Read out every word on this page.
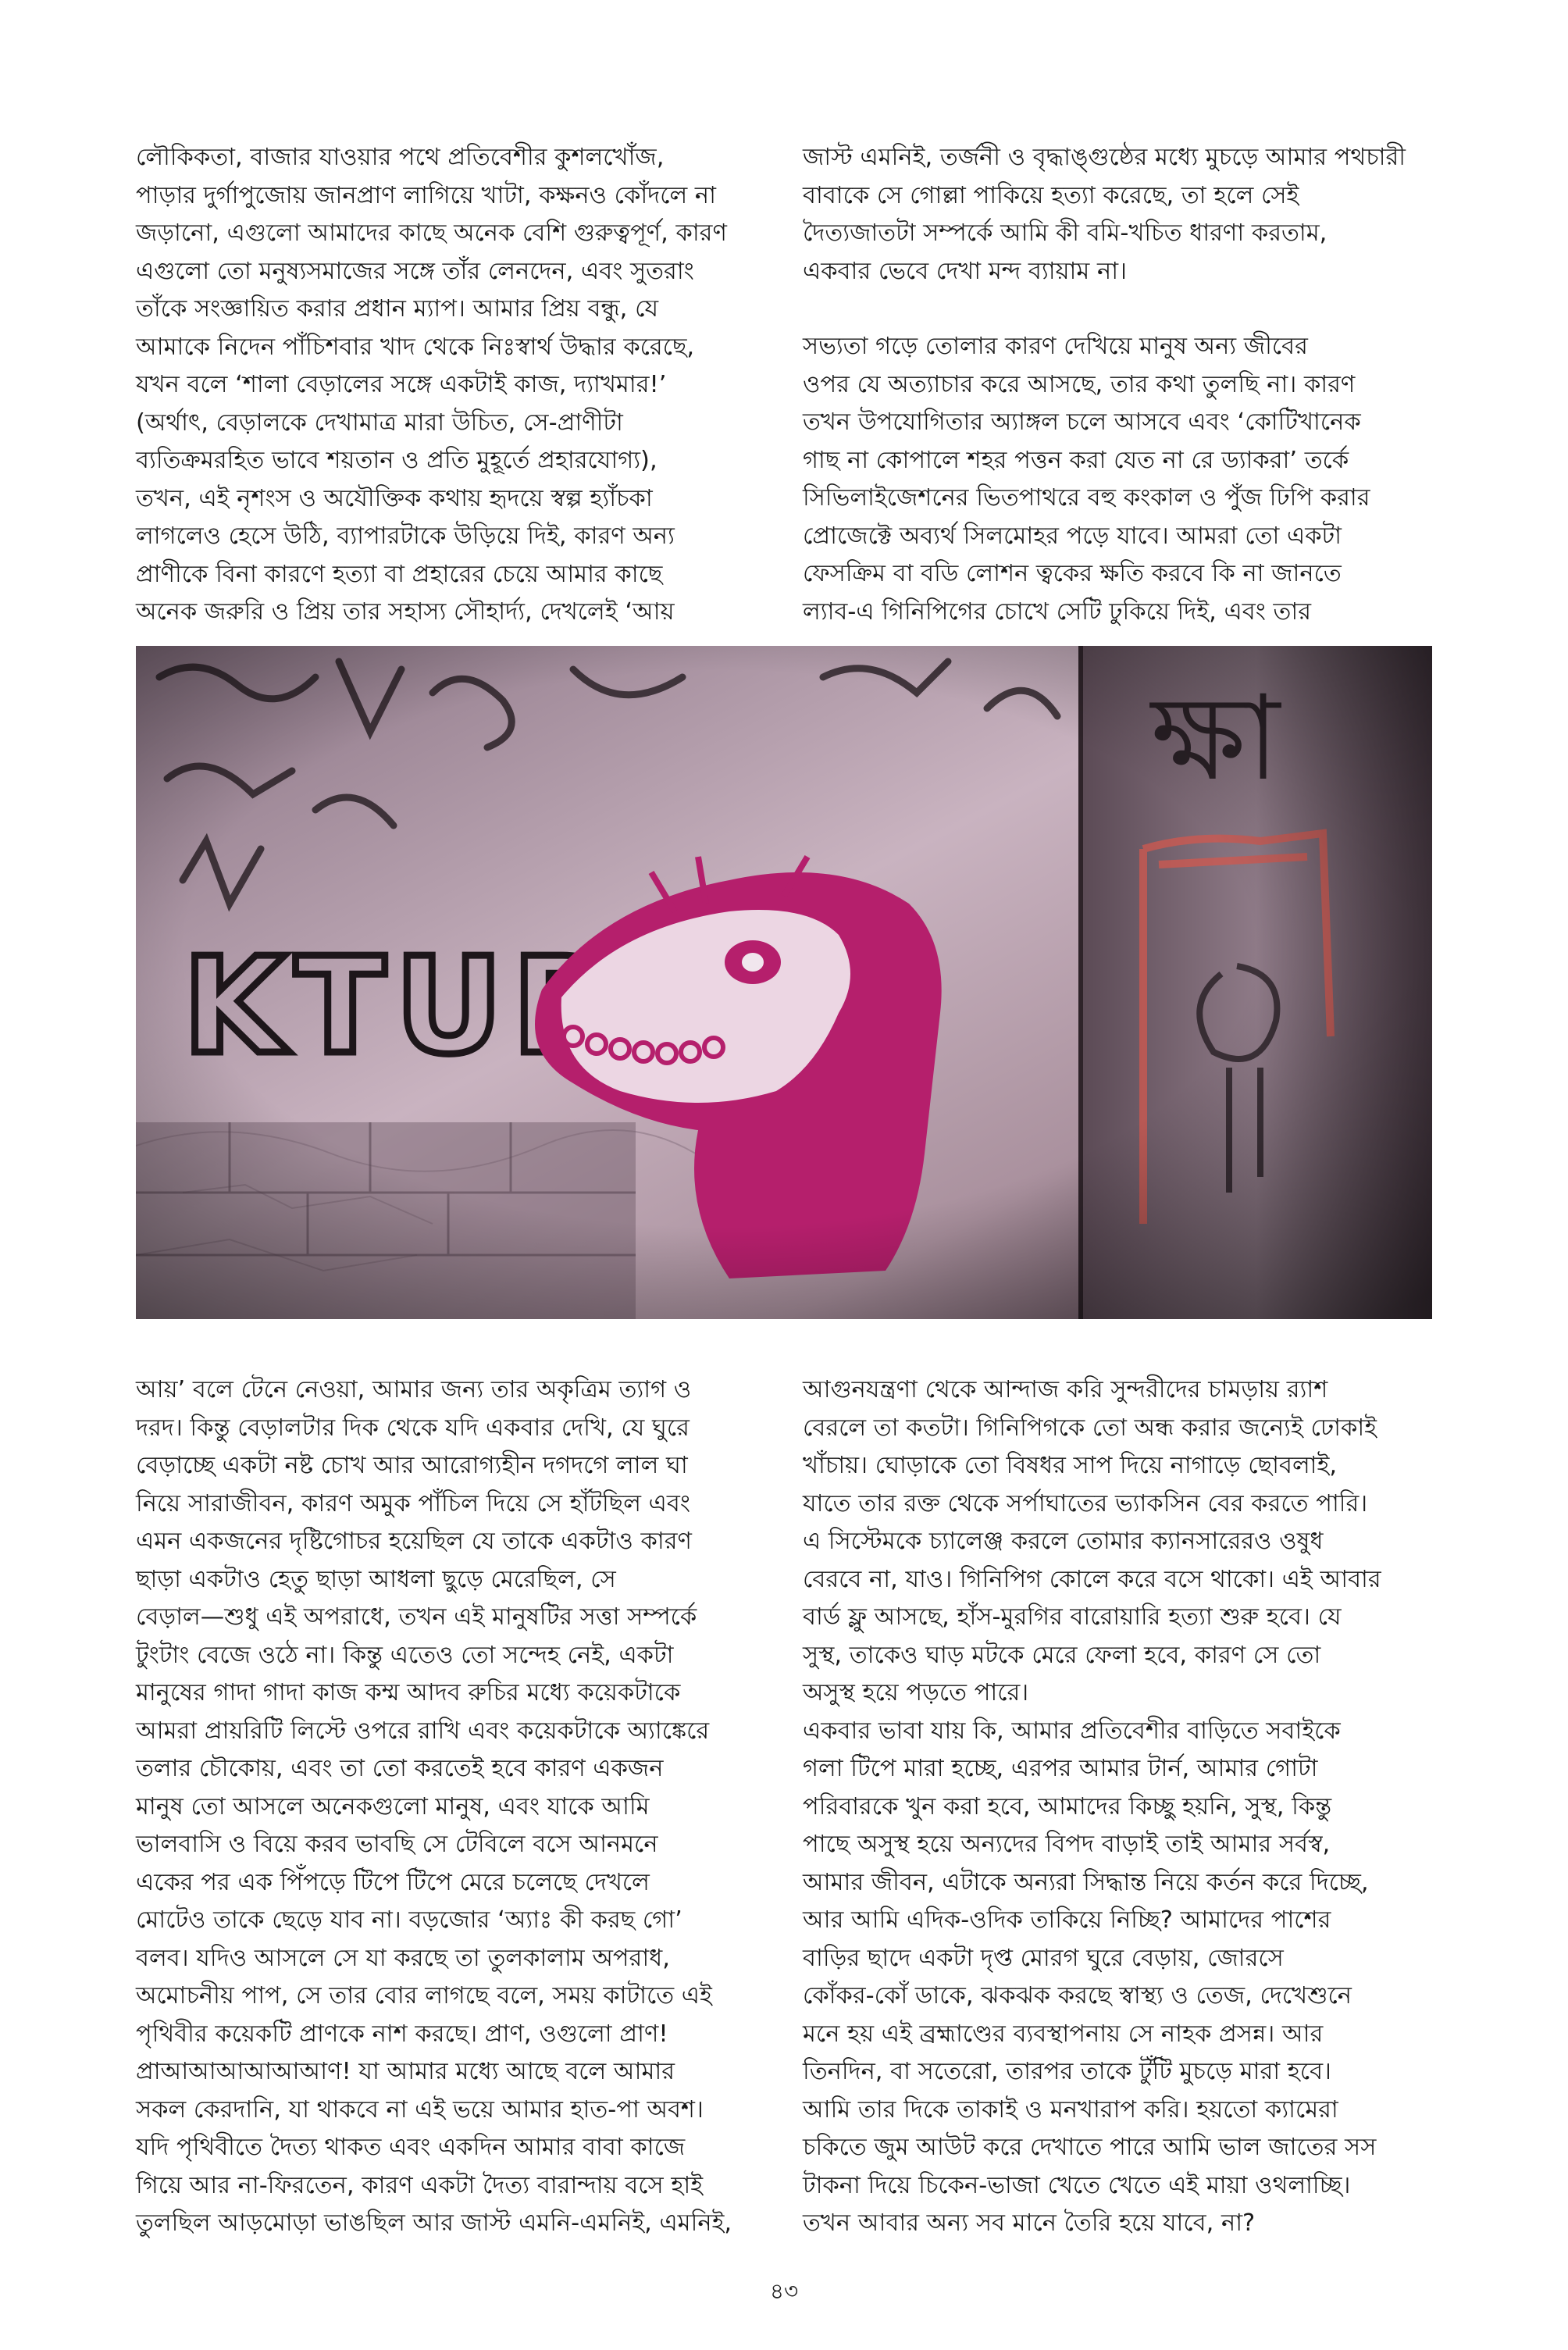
লৌকিকতা, বাজার যাওয়ার পথে প্রতিবেশীর কুশলখোঁজ,

পাড়ার দুর্গাপুজোয় জানপ্রাণ লাগিয়ে খাটা, কক্ষনও কোঁদলে না

জড়ানো, এগুলো আমাদের কাছে অনেক বেশি গুরুত্বপূর্ণ, কারণ

এগুলো তো মনুষ্যসমাজের সঙ্গে তাঁর লেনদেন, এবং সুতরাং

তাঁকে সংজ্ঞায়িত করার প্রধান ম্যাপ। আমার প্রিয় বন্ধু, যে

আমাকে নিদেন পাঁচিশবার খাদ থেকে নিঃস্বার্থ উদ্ধার করেছে,

যখন বলে ‘শালা বেড়ালের সঙ্গে একটাই কাজ, দ্যাখমার!’

(অর্থাৎ, বেড়ালকে দেখামাত্র মারা উচিত, সে-প্রাণীটা

ব্যতিক্রমরহিত ভাবে শয়তান ও প্রতি মুহূর্তে প্রহারযোগ্য),

তখন, এই নৃশংস ও অযৌক্তিক কথায় হৃদয়ে স্বল্প হ্যাঁচকা

লাগলেও হেসে উঠি, ব্যাপারটাকে উড়িয়ে দিই, কারণ অন্য

প্রাণীকে বিনা কারণে হত্যা বা প্রহারের চেয়ে আমার কাছে

অনেক জরুরি ও প্রিয় তার সহাস্য সৌহার্দ্য, দেখলেই ‘আয়

জাস্ট এমনিই, তর্জনী ও বৃদ্ধাঙ্গুষ্ঠের মধ্যে মুচড়ে আমার পথচারী

বাবাকে সে গোল্লা পাকিয়ে হত্যা করেছে, তা হলে সেই

দৈত্যজাতটা সম্পর্কে আমি কী বমি-খচিত ধারণা করতাম,

একবার ভেবে দেখা মন্দ ব্যায়াম না।

সভ্যতা গড়ে তোলার কারণ দেখিয়ে মানুষ অন্য জীবের

ওপর যে অত্যাচার করে আসছে, তার কথা তুলছি না। কারণ

তখন উপযোগিতার অ্যাঙ্গল চলে আসবে এবং ‘কোটিখানেক

গাছ না কোপালে শহর পত্তন করা যেত না রে ড্যাকরা’ তর্কে

সিভিলাইজেশনের ভিতপাথরে বহু কংকাল ও পুঁজ ঢিপি করার

প্রোজেক্টে অব্যর্থ সিলমোহর পড়ে যাবে। আমরা তো একটা

ফেসক্রিম বা বডি লোশন ত্বকের ক্ষতি করবে কি না জানতে

ল্যাব-এ গিনিপিগের চোখে সেটি ঢুকিয়ে দিই, এবং তার

আয়’ বলে টেনে নেওয়া, আমার জন্য তার অকৃত্রিম ত্যাগ ও

দরদ। কিন্তু বেড়ালটার দিক থেকে যদি একবার দেখি, যে ঘুরে

বেড়াচ্ছে একটা নষ্ট চোখ আর আরোগ্যহীন দগদগে লাল ঘা

নিয়ে সারাজীবন, কারণ অমুক পাঁচিল দিয়ে সে হাঁটছিল এবং

এমন একজনের দৃষ্টিগোচর হয়েছিল যে তাকে একটাও কারণ

ছাড়া একটাও হেতু ছাড়া আধলা ছুড়ে মেরেছিল, সে

বেড়াল—শুধু এই অপরাধে, তখন এই মানুষটির সত্তা সম্পর্কে

টুংটাং বেজে ওঠে না। কিন্তু এতেও তো সন্দেহ নেই, একটা

মানুষের গাদা গাদা কাজ কম্ম আদব রুচির মধ্যে কয়েকটাকে

আমরা প্রায়রিটি লিস্টে ওপরে রাখি এবং কয়েকটাকে অ্যাঙ্কেরে

তলার চৌকোয়, এবং তা তো করতেই হবে কারণ একজন

মানুষ তো আসলে অনেকগুলো মানুষ, এবং যাকে আমি

ভালবাসি ও বিয়ে করব ভাবছি সে টেবিলে বসে আনমনে

একের পর এক পিঁপড়ে টিপে টিপে মেরে চলেছে দেখলে

মোটেও তাকে ছেড়ে যাব না। বড়জোর ‘অ্যাঃ কী করছ গো’

বলব। যদিও আসলে সে যা করছে তা তুলকালাম অপরাধ,

অমোচনীয় পাপ, সে তার বোর লাগছে বলে, সময় কাটাতে এই

পৃথিবীর কয়েকটি প্রাণকে নাশ করছে। প্রাণ, ওগুলো প্রাণ!

প্রাআআআআআআণ! যা আমার মধ্যে আছে বলে আমার

সকল কেরদানি, যা থাকবে না এই ভয়ে আমার হাত-পা অবশ।

যদি পৃথিবীতে দৈত্য থাকত এবং একদিন আমার বাবা কাজে

গিয়ে আর না-ফিরতেন, কারণ একটা দৈত্য বারান্দায় বসে হাই

তুলছিল আড়মোড়া ভাঙছিল আর জাস্ট এমনি-এমনিই, এমনিই,

আগুনযন্ত্রণা থেকে আন্দাজ করি সুন্দরীদের চামড়ায় র‍্যাশ

বেরলে তা কতটা। গিনিপিগকে তো অন্ধ করার জন্যেই ঢোকাই

খাঁচায়। ঘোড়াকে তো বিষধর সাপ দিয়ে নাগাড়ে ছোবলাই,

যাতে তার রক্ত থেকে সর্পাঘাতের ভ্যাকসিন বের করতে পারি।

এ সিস্টেমকে চ্যালেঞ্জ করলে তোমার ক্যানসারেরও ওষুধ

বেরবে না, যাও। গিনিপিগ কোলে করে বসে থাকো। এই আবার

বার্ড ফ্লু আসছে, হাঁস-মুরগির বারোয়ারি হত্যা শুরু হবে। যে

সুস্থ, তাকেও ঘাড় মটকে মেরে ফেলা হবে, কারণ সে তো

অসুস্থ হয়ে পড়তে পারে।

একবার ভাবা যায় কি, আমার প্রতিবেশীর বাড়িতে সবাইকে

গলা টিপে মারা হচ্ছে, এরপর আমার টার্ন, আমার গোটা

পরিবারকে খুন করা হবে, আমাদের কিচ্ছু হয়নি, সুস্থ, কিন্তু

পাছে অসুস্থ হয়ে অন্যদের বিপদ বাড়াই তাই আমার সর্বস্ব,

আমার জীবন, এটাকে অন্যরা সিদ্ধান্ত নিয়ে কর্তন করে দিচ্ছে,

আর আমি এদিক-ওদিক তাকিয়ে নিচ্ছি? আমাদের পাশের

বাড়ির ছাদে একটা দৃপ্ত মোরগ ঘুরে বেড়ায়, জোরসে

কোঁকর-কোঁ ডাকে, ঝকঝক করছে স্বাস্থ্য ও তেজ, দেখেশুনে

মনে হয় এই ব্রহ্মাণ্ডের ব্যবস্থাপনায় সে নাহক প্রসন্ন। আর

তিনদিন, বা সতেরো, তারপর তাকে টুঁটি মুচড়ে মারা হবে।

আমি তার দিকে তাকাই ও মনখারাপ করি। হয়তো ক্যামেরা

চকিতে জুম আউট করে দেখাতে পারে আমি ভাল জাতের সস

টাকনা দিয়ে চিকেন-ভাজা খেতে খেতে এই মায়া ওথলাচ্ছি।

তখন আবার অন্য সব মানে তৈরি হয়ে যাবে, না?

৪৩
